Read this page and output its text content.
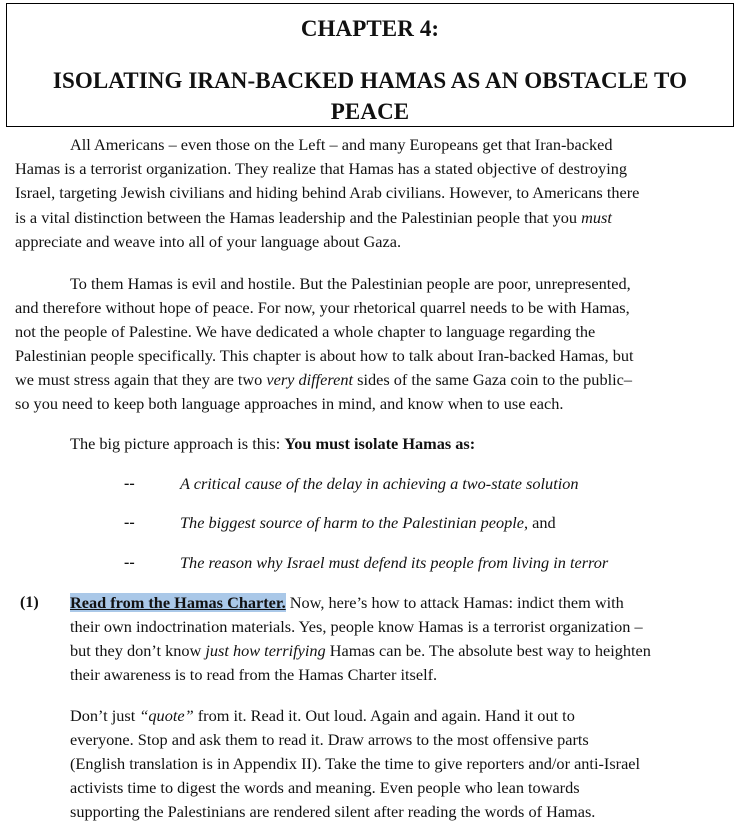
CHAPTER 4:
ISOLATING IRAN-BACKED HAMAS AS AN OBSTACLE TO
PEACE
All Americans – even those on the Left – and many Europeans get that Iran-backed
Hamas is a terrorist organization. They realize that Hamas has a stated objective of destroying
Israel, targeting Jewish civilians and hiding behind Arab civilians. However, to Americans there
is a vital distinction between the Hamas leadership and the Palestinian people that you must
appreciate and weave into all of your language about Gaza.
To them Hamas is evil and hostile. But the Palestinian people are poor, unrepresented,
and therefore without hope of peace. For now, your rhetorical quarrel needs to be with Hamas,
not the people of Palestine. We have dedicated a whole chapter to language regarding the
Palestinian people specifically. This chapter is about how to talk about Iran-backed Hamas, but
we must stress again that they are two very different sides of the same Gaza coin to the public–
so you need to keep both language approaches in mind, and know when to use each.
The big picture approach is this: You must isolate Hamas as:
--	A critical cause of the delay in achieving a two-state solution
--	The biggest source of harm to the Palestinian people, and
--	The reason why Israel must defend its people from living in terror
(1) Read from the Hamas Charter. Now, here’s how to attack Hamas: indict them with
their own indoctrination materials. Yes, people know Hamas is a terrorist organization –
but they don’t know just how terrifying Hamas can be. The absolute best way to heighten
their awareness is to read from the Hamas Charter itself.
Don’t just “quote” from it. Read it. Out loud. Again and again. Hand it out to
everyone. Stop and ask them to read it. Draw arrows to the most offensive parts
(English translation is in Appendix II). Take the time to give reporters and/or anti-Israel
activists time to digest the words and meaning. Even people who lean towards
supporting the Palestinians are rendered silent after reading the words of Hamas.
